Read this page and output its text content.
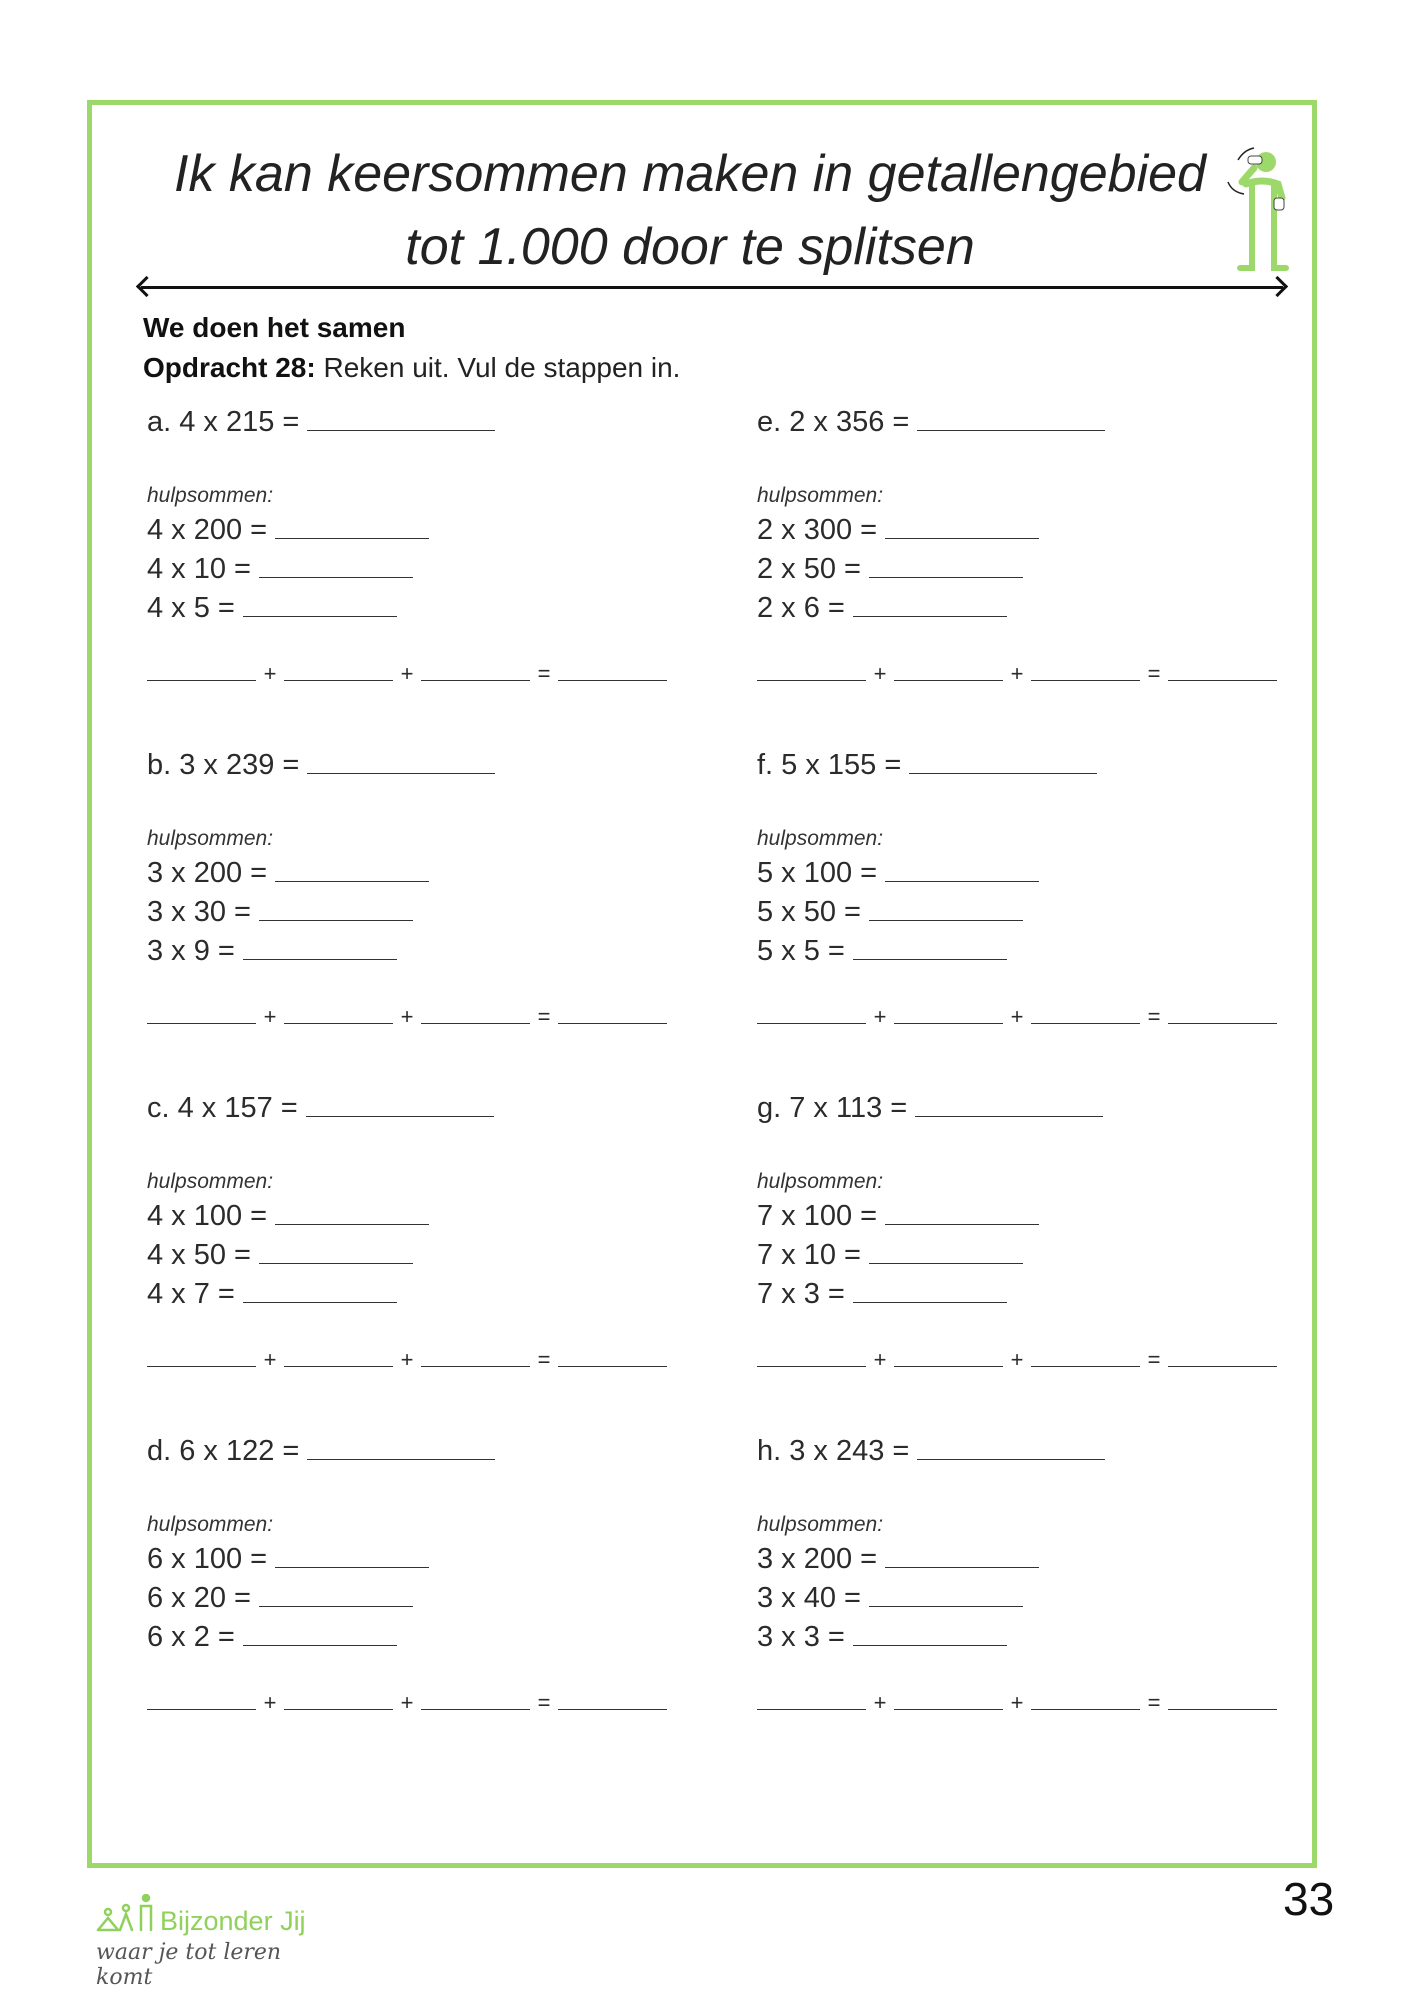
Ik kan keersommen maken in getallengebied
tot 1.000 door te splitsen
We doen het samen
Opdracht 28: Reken uit. Vul de stappen in.
a. 4 x 215 =
hulpsommen:
4 x 200 =
4 x 10 =
4 x 5 =
+	+	=
b. 3 x 239 =
hulpsommen:
3 x 200 =
3 x 30 =
3 x 9 =
+	+	=
c. 4 x 157 =
hulpsommen:
4 x 100 =
4 x 50 =
4 x 7 =
+	+	=
d. 6 x 122 =
hulpsommen:
6 x 100 =
6 x 20 =
6 x 2 =
+	+	=
e. 2 x 356 =
hulpsommen:
2 x 300 =
2 x 50 =
2 x 6 =
+	+	=
f. 5 x 155 =
hulpsommen:
5 x 100 =
5 x 50 =
5 x 5 =
+	+	=
g. 7 x 113 =
hulpsommen:
7 x 100 =
7 x 10 =
7 x 3 =
+	+	=
h. 3 x 243 =
hulpsommen:
3 x 200 =
3 x 40 =
3 x 3 =
+	+	=
33
Bijzonder Jij
waar je tot leren komt
